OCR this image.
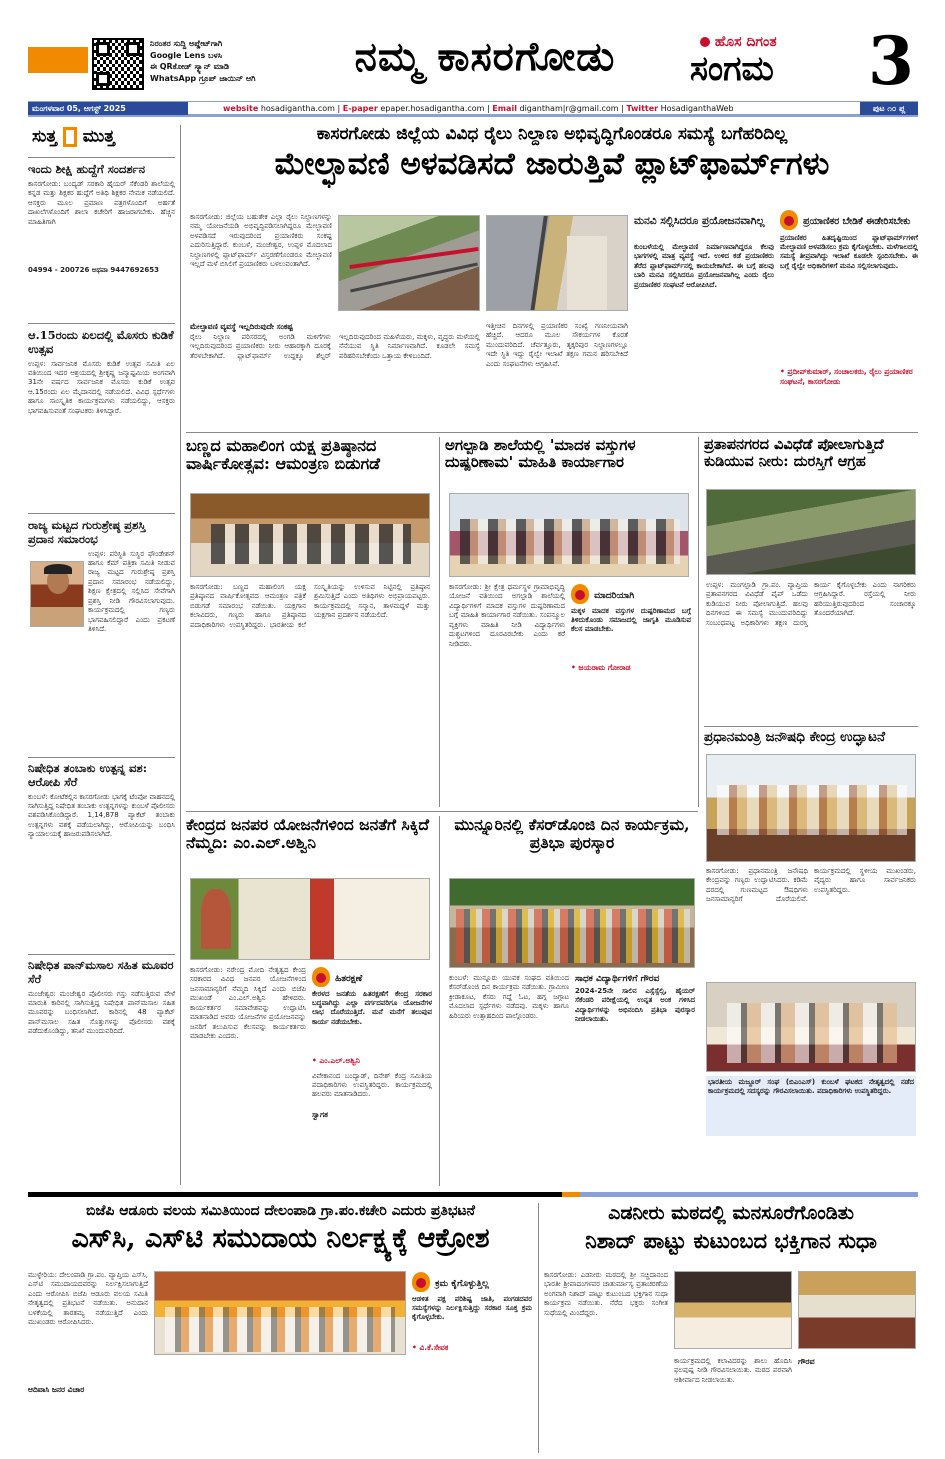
ನಿರಂತರ ಸುದ್ದಿ ಅಪ್ಡೇಟ್‌ಗಾಗಿ
Google Lens ಬಳಸಿ
ಈ QRಕೋಡ್ ಸ್ಕ್ಯಾನ್ ಮಾಡಿ
WhatsApp ಗ್ರೂಪ್ ಜಾಯಿನ್ ಆಗಿ	ನಮ್ಮ ಕಾಸರಗೋಡು	ಹೊಸ ದಿಗಂತ
ಸಂಗಮ 3
ಮಂಗಳವಾರ 05, ಆಗಸ್ಟ್ 2025	website hosadigantha.com | E-paper epaper.hosadigantha.com | Email digantham|r@gmail.com | Twitter HosadiganthaWeb	ಪುಟ ೧೦ ಪ್ಲ
ಸುತ್ತ ಮುತ್ತ
ಇಂದು ಶೀಕ್ಷಿ ಹುದ್ದೆಗೆ ಸಂದರ್ಶನ
ಕಾಸರಗೋಡು: ಬಂದ್ಯಡ್ ಸರಕಾರಿ ಹೈಯರ್ ಸೆಕೆಂಡರಿ ಶಾಲೆಯಲ್ಲಿ ಕನ್ನಡ ಮತ್ತು ಶಿಕ್ಷಕರ ಹುದ್ದೆಗೆ ಅತಿಥಿ ಶಿಕ್ಷಕರ ನೇಮಕ ನಡೆಯಲಿದೆ. ಆಸಕ್ತರು ಮೂಲ ಪ್ರಮಾಣ ಪತ್ರಗಳೊಂದಿಗೆ ಅರ್ಹತೆ ದಾಖಲೆಗಳೊಂದಿಗೆ ಶಾಲಾ ಕಚೇರಿಗೆ ಹಾಜರಾಗಬೇಕು. ಹೆಚ್ಚಿನ ಮಾಹಿತಿಗಾಗಿ
04994 - 200726 ಅಥವಾ 9447692653
ಆ.15ರಂದು ಏಲದಲ್ಲಿ ಮೊಸರು ಕುಡಿಕೆ ಉತ್ಸವ
ಉಪ್ಪಳ: ಸಾರ್ವಜನಿಕ ಮೊಸರು ಕುಡಿಕೆ ಉತ್ಸವ ಸಮಿತಿ ಏಲ ವತಿಯಿಂದ ಇದರ ಆಶ್ರಯದಲ್ಲಿ ಶ್ರೀಕೃಷ್ಣ ಜನ್ಮಾಷ್ಟಮಿಯ ಅಂಗವಾಗಿ 31ನೇ ವರ್ಷದ ಸಾರ್ವಜನಿಕ ಮೊಸರು ಕುಡಿಕೆ ಉತ್ಸವ ಆ.15ರಂದು ಏಲ ಮೈದಾನದಲ್ಲಿ ನಡೆಯಲಿದೆ. ವಿವಿಧ ಸ್ಪರ್ಧೆಗಳು ಹಾಗೂ ಸಾಂಸ್ಕೃತಿಕ ಕಾರ್ಯಕ್ರಮಗಳು ನಡೆಯಲಿದ್ದು, ಆಸಕ್ತರು ಭಾಗವಹಿಸುವಂತೆ ಸಂಘಟಕರು ತಿಳಿಸಿದ್ದಾರೆ.
ರಾಜ್ಯ ಮಟ್ಟದ ಗುರುಶ್ರೇಷ್ಠ ಪ್ರಶಸ್ತಿ ಪ್ರದಾನ ಸಮಾರಂಭ
ಉಪ್ಪಳ: ಪರಿಸ್ಥಿತಿ ಸುಸ್ಥಿರ ಫೌಂಡೇಶನ್ ಹಾಗೂ ಕೆಮ್ ಪತ್ರಿಕಾ ಸಮಿತಿ ನೀಡುವ ರಾಜ್ಯ ಮಟ್ಟದ ಗುರುಶ್ರೇಷ್ಠ ಪ್ರಶಸ್ತಿ ಪ್ರದಾನ ಸಮಾರಂಭ ನಡೆಯಲಿದ್ದು, ಶಿಕ್ಷಣ ಕ್ಷೇತ್ರದಲ್ಲಿ ಸಲ್ಲಿಸಿದ ಸೇವೆಗಾಗಿ ಪ್ರಶಸ್ತಿ ನೀಡಿ ಗೌರವಿಸಲಾಗುವುದು. ಕಾರ್ಯಕ್ರಮದಲ್ಲಿ ಗಣ್ಯರು ಭಾಗವಹಿಸಲಿದ್ದಾರೆ ಎಂದು ಪ್ರಕಟಣೆ ತಿಳಿಸಿದೆ.
ನಿಷೇಧಿತ ತಂಬಾಕು ಉತ್ಪನ್ನ ವಶ: ಆರೋಪಿ ಸೆರೆ
ಕುಂಬಳೆ: ಕೋಟೆಕಲ್ಲಿನ ಕಾಸರಗೋಡು ಭಾಗಕ್ಕೆ ಟೆಂಪೋ ವಾಹನದಲ್ಲಿ ಸಾಗಿಸುತ್ತಿದ್ದ ನಿಷೇಧಿತ ತಂಬಾಕು ಉತ್ಪನ್ನಗಳನ್ನು ಕುಂಬಳೆ ಪೊಲೀಸರು ವಶಪಡಿಸಿಕೊಂಡಿದ್ದಾರೆ. 1,14,878 ಪ್ಯಾಕೆಟ್ ತಂಬಾಕು ಉತ್ಪನ್ನಗಳು ವಶಕ್ಕೆ ಪಡೆಯಲಾಗಿದ್ದು, ಆರೋಪಿಯನ್ನು ಬಂಧಿಸಿ ನ್ಯಾಯಾಲಯಕ್ಕೆ ಹಾಜರುಪಡಿಸಲಾಗಿದೆ.
ನಿಷೇಧಿತ ಪಾನ್‌ಮಸಾಲ ಸಹಿತ ಮೂವರ ಸೆರೆ
ಮಂಜೇಶ್ವರ: ಮಂಜೇಶ್ವರ ಪೊಲೀಸರು ಗಸ್ತು ನಡೆಸುತ್ತಿರುವ ವೇಳೆ ಮಾರುತಿ ಕಾರಿನಲ್ಲಿ ಸಾಗಿಸುತ್ತಿದ್ದ ನಿಷೇಧಿತ ಪಾನ್‌ಮಸಾಲ ಸಹಿತ ಮೂವರನ್ನು ಬಂಧಿಸಲಾಗಿದೆ. ಕಾರಿನಲ್ಲಿ 48 ಪ್ಯಾಕೆಟ್ ಪಾನ್‌ಮಸಾಲ ಸಹಿತ ಸೊತ್ತುಗಳನ್ನು ಪೊಲೀಸರು ವಶಕ್ಕೆ ಪಡೆದುಕೊಂಡಿದ್ದು, ತನಿಖೆ ಮುಂದುವರಿದಿದೆ.
ಕಾಸರಗೋಡು ಜಿಲ್ಲೆಯ ವಿವಿಧ ರೈಲು ನಿಲ್ದಾಣ ಅಭಿವೃದ್ಧಿಗೊಂಡರೂ ಸಮಸ್ಯೆ ಬಗೆಹರಿದಿಲ್ಲ
ಮೇಲ್ಛಾವಣಿ ಅಳವಡಿಸದೆ ಜಾರುತ್ತಿವೆ ಪ್ಲಾಟ್‌ಫಾರ್ಮ್‌ಗಳು
ಕಾಸರಗೋಡು: ಜಿಲ್ಲೆಯ ಬಹುತೇಕ ಎಲ್ಲಾ ರೈಲು ನಿಲ್ದಾಣಗಳನ್ನು ನಮ್ಮ ಯೋಜನೆಯಡಿ ಅಭಿವೃದ್ಧಿಪಡಿಸಲಾಗಿದ್ದರೂ ಮೇಲ್ಛಾವಣಿ ಅಳವಡಿಸದೆ ಇರುವುದರಿಂದ ಪ್ರಯಾಣಿಕರು ಸಂಕಷ್ಟ ಎದುರಿಸುತ್ತಿದ್ದಾರೆ. ಕುಂಬಳೆ, ಮಂಜೇಶ್ವರ, ಉಪ್ಪಳ ಮೊದಲಾದ ನಿಲ್ದಾಣಗಳಲ್ಲಿ ಪ್ಲಾಟ್‌ಫಾರ್ಮ್ ವಿಸ್ತರಣೆಗೊಂಡರೂ ಮೇಲ್ಛಾವಣಿ ಇಲ್ಲದೆ ಮಳೆ ಬಿಸಿಲಿಗೆ ಪ್ರಯಾಣಿಕರು ಬಳಲುವಂತಾಗಿದೆ.
ಮೇಲ್ಛಾವಣಿ ವ್ಯವಸ್ಥೆ ಇಲ್ಲದಿರುವುದೇ ಸಂಕಷ್ಟ
ರೈಲು ನಿಲ್ದಾಣ ಪರಿಸರದಲ್ಲಿ ಅಂಗಡಿ ಮಳಿಗೆಗಳು ಇಲ್ಲದಿರುವುದರಿಂದ ಪ್ರಯಾಣಿಕರು ನೀರು ಆಹಾರಕ್ಕಾಗಿ ದೂರಕ್ಕೆ ತೆರಳಬೇಕಾಗಿದೆ. ಪ್ಲಾಟ್‌ಫಾರ್ಮ್ ಉದ್ದಕ್ಕೂ ಶೆಲ್ಟರ್ ಇಲ್ಲದಿರುವುದರಿಂದ ಮಹಿಳೆಯರು, ಮಕ್ಕಳು, ವೃದ್ಧರು ಮಳೆಯಲ್ಲಿ ನೆನೆಯುವ ಸ್ಥಿತಿ ನಿರ್ಮಾಣವಾಗಿದೆ. ಕೂಡಲೇ ಸಮಸ್ಯೆ ಪರಿಹರಿಸಬೇಕೆಂದು ಒತ್ತಾಯ ಕೇಳಿಬಂದಿದೆ.
ಇತ್ತೀಚಿನ ದಿನಗಳಲ್ಲಿ ಪ್ರಯಾಣಿಕರ ಸಂಖ್ಯೆ ಗಣನೀಯವಾಗಿ ಹೆಚ್ಚಿದೆ. ಆದರೂ ಮೂಲ ಸೌಕರ್ಯಗಳ ಕೊರತೆ ಮುಂದುವರಿದಿದೆ. ಚೆರ್ವತ್ತೂರು, ತೃಕ್ಕರಿಪುರ ನಿಲ್ದಾಣಗಳಲ್ಲೂ ಇದೇ ಸ್ಥಿತಿ ಇದ್ದು ರೈಲ್ವೇ ಇಲಾಖೆ ತಕ್ಷಣ ಗಮನ ಹರಿಸಬೇಕಿದೆ ಎಂದು ಸಂಘಟನೆಗಳು ಆಗ್ರಹಿಸಿವೆ.
ಮನವಿ ಸಲ್ಲಿಸಿದರೂ ಪ್ರಯೋಜನವಾಗಿಲ್ಲ
ಕುಂಬಳೆಯಲ್ಲಿ ಮೇಲ್ಛಾವಣಿ ನಿರ್ಮಾಣವಾಗಿದ್ದರೂ ಕೆಲವು ಭಾಗಗಳಲ್ಲಿ ಮಾತ್ರ ವ್ಯವಸ್ಥೆ ಇದೆ. ಉಳಿದ ಕಡೆ ಪ್ರಯಾಣಿಕರು ತೆರೆದ ಪ್ಲಾಟ್‌ಫಾರ್ಮ್‌ನಲ್ಲಿ ಕಾಯಬೇಕಾಗಿದೆ. ಈ ಬಗ್ಗೆ ಹಲವು ಬಾರಿ ಮನವಿ ಸಲ್ಲಿಸಿದರೂ ಪ್ರಯೋಜನವಾಗಿಲ್ಲ ಎಂದು ರೈಲು ಪ್ರಯಾಣಿಕರ ಸಂಘಟನೆ ಆರೋಪಿಸಿದೆ.
ಪ್ರಯಾಣಿಕರ ಬೇಡಿಕೆ ಈಡೇರಿಸಬೇಕು
ಪ್ರಯಾಣಿಕರ ಹಿತದೃಷ್ಟಿಯಿಂದ ಪ್ಲಾಟ್‌ಫಾರ್ಮ್‌ಗಳಿಗೆ ಮೇಲ್ಛಾವಣಿ ಅಳವಡಿಸಲು ಕ್ರಮ ಕೈಗೊಳ್ಳಬೇಕು. ಮಳೆಗಾಲದಲ್ಲಿ ಸಮಸ್ಯೆ ತೀವ್ರವಾಗಿದ್ದು ಇಲಾಖೆ ಕೂಡಲೇ ಸ್ಪಂದಿಸಬೇಕು. ಈ ಬಗ್ಗೆ ರೈಲ್ವೇ ಅಧಿಕಾರಿಗಳಿಗೆ ಮನವಿ ಸಲ್ಲಿಸಲಾಗುವುದು.
• ಪ್ರದೀಪ್‌ಕುಮಾರ್, ಸಂಚಾಲಕರು, ರೈಲು ಪ್ರಯಾಣಿಕರ ಸಂಘಟನೆ, ಕಾಸರಗೋಡು
ಬಣ್ಣದ ಮಹಾಲಿಂಗ ಯಕ್ಷ ಪ್ರತಿಷ್ಠಾನದ ವಾರ್ಷಿಕೋತ್ಸವ: ಆಮಂತ್ರಣ ಬಿಡುಗಡೆ
ಕಾಸರಗೋಡು: ಬಣ್ಣದ ಮಹಾಲಿಂಗ ಯಕ್ಷ ಪ್ರತಿಷ್ಠಾನದ ವಾರ್ಷಿಕೋತ್ಸವದ ಆಮಂತ್ರಣ ಪತ್ರಿಕೆ ಬಿಡುಗಡೆ ಸಮಾರಂಭ ನಡೆಯಿತು. ಯಕ್ಷಗಾನ ಕಲಾವಿದರು, ಗಣ್ಯರು ಹಾಗೂ ಪ್ರತಿಷ್ಠಾನದ ಪದಾಧಿಕಾರಿಗಳು ಉಪಸ್ಥಿತರಿದ್ದರು. ಭಾರತೀಯ ಕಲೆ ಸಂಸ್ಕೃತಿಯನ್ನು ಉಳಿಸುವ ನಿಟ್ಟಿನಲ್ಲಿ ಪ್ರತಿಷ್ಠಾನ ಶ್ರಮಿಸುತ್ತಿದೆ ಎಂದು ಅತಿಥಿಗಳು ಅಭಿಪ್ರಾಯಪಟ್ಟರು. ಕಾರ್ಯಕ್ರಮದಲ್ಲಿ ಸನ್ಮಾನ, ತಾಳಮದ್ದಳೆ ಮತ್ತು ಯಕ್ಷಗಾನ ಪ್ರದರ್ಶನ ನಡೆಯಲಿದೆ.
ಅಗಲ್ಪಾಡಿ ಶಾಲೆಯಲ್ಲಿ 'ಮಾದಕ ವಸ್ತುಗಳ ದುಷ್ಪರಿಣಾಮ' ಮಾಹಿತಿ ಕಾರ್ಯಾಗಾರ
ಕಾಸರಗೋಡು: ಶ್ರೀ ಕ್ಷೇತ್ರ ಧರ್ಮಸ್ಥಳ ಗ್ರಾಮಾಭಿವೃದ್ಧಿ ಯೋಜನೆ ವತಿಯಿಂದ ಅಗಲ್ಪಾಡಿ ಶಾಲೆಯಲ್ಲಿ ವಿದ್ಯಾರ್ಥಿಗಳಿಗೆ ಮಾದಕ ವಸ್ತುಗಳ ದುಷ್ಪರಿಣಾಮದ ಬಗ್ಗೆ ಮಾಹಿತಿ ಕಾರ್ಯಾಗಾರ ನಡೆಯಿತು. ಸಂಪನ್ಮೂಲ ವ್ಯಕ್ತಿಗಳು ಮಾಹಿತಿ ನೀಡಿ ವಿದ್ಯಾರ್ಥಿಗಳು ದುಶ್ಚಟಗಳಿಂದ ದೂರವಿರಬೇಕು ಎಂದು ಕರೆ ನೀಡಿದರು.
ಮಾದರಿಯಾಗಿ
ಮಕ್ಕಳ ಮಾದಕ ವಸ್ತುಗಳ ದುಷ್ಪರಿಣಾಮದ ಬಗ್ಗೆ ತಿಳಿದುಕೊಂಡು ಸಮಾಜದಲ್ಲಿ ಜಾಗೃತಿ ಮೂಡಿಸುವ ಕೆಲಸ ಮಾಡಬೇಕು.
• ಜಯರಾಮ ಗೋರಾಡ
ಪ್ರತಾಪನಗರದ ವಿವಿಧೆಡೆ ಪೋಲಾಗುತ್ತಿದೆ ಕುಡಿಯುವ ನೀರು: ದುರಸ್ತಿಗೆ ಆಗ್ರಹ
ಉಪ್ಪಳ: ಮಂಗಲ್ಪಾಡಿ ಗ್ರಾ.ಪಂ. ವ್ಯಾಪ್ತಿಯ ಪ್ರತಾಪನಗರದ ವಿವಿಧೆಡೆ ಪೈಪ್ ಒಡೆದು ಕುಡಿಯುವ ನೀರು ಪೋಲಾಗುತ್ತಿದೆ. ಹಲವು ದಿನಗಳಿಂದ ಈ ಸಮಸ್ಯೆ ಮುಂದುವರಿದಿದ್ದು ಸಂಬಂಧಪಟ್ಟ ಅಧಿಕಾರಿಗಳು ತಕ್ಷಣ ದುರಸ್ತಿ ಕಾರ್ಯ ಕೈಗೊಳ್ಳಬೇಕು ಎಂದು ನಾಗರಿಕರು ಆಗ್ರಹಿಸಿದ್ದಾರೆ. ರಸ್ತೆಯಲ್ಲಿ ನೀರು ಹರಿಯುತ್ತಿರುವುದರಿಂದ ಸಂಚಾರಕ್ಕೂ ತೊಂದರೆಯಾಗಿದೆ.
ಪ್ರಧಾನಮಂತ್ರಿ ಜನೌಷಧಿ ಕೇಂದ್ರ ಉದ್ಘಾಟನೆ
ಕಾಸರಗೋಡು: ಪ್ರಧಾನಮಂತ್ರಿ ಜನೌಷಧಿ ಕೇಂದ್ರವನ್ನು ಗಣ್ಯರು ಉದ್ಘಾಟಿಸಿದರು. ಕಡಿಮೆ ದರದಲ್ಲಿ ಗುಣಮಟ್ಟದ ಔಷಧಿಗಳು ಜನಸಾಮಾನ್ಯರಿಗೆ ದೊರೆಯಲಿವೆ. ಕಾರ್ಯಕ್ರಮದಲ್ಲಿ ಸ್ಥಳೀಯ ಮುಖಂಡರು, ವೈದ್ಯರು ಹಾಗೂ ಸಾರ್ವಜನಿಕರು ಉಪಸ್ಥಿತರಿದ್ದರು.
ಭಾರತೀಯ ಮಜ್ದೂರ್ ಸಂಘ (ಬಿಎಂಎಸ್) ಕುಂಬಳೆ ಘಟಕದ ನೇತೃತ್ವದಲ್ಲಿ ನಡೆದ ಕಾರ್ಯಕ್ರಮದಲ್ಲಿ ಸದಸ್ಯರನ್ನು ಗೌರವಿಸಲಾಯಿತು. ಪದಾಧಿಕಾರಿಗಳು ಉಪಸ್ಥಿತರಿದ್ದರು.
ಕೇಂದ್ರದ ಜನಪರ ಯೋಜನೆಗಳಿಂದ ಜನತೆಗೆ ಸಿಕ್ಕಿದೆ ನೆಮ್ಮದಿ: ಎಂ.ಎಲ್.ಅಶ್ವಿನಿ
ಕಾಸರಗೋಡು: ನರೇಂದ್ರ ಮೋದಿ ನೇತೃತ್ವದ ಕೇಂದ್ರ ಸರಕಾರದ ವಿವಿಧ ಜನಪರ ಯೋಜನೆಗಳಿಂದ ಜನಸಾಮಾನ್ಯರಿಗೆ ನೆಮ್ಮದಿ ಸಿಕ್ಕಿದೆ ಎಂದು ಬಿಜೆಪಿ ಮುಖಂಡೆ ಎಂ.ಎಲ್.ಅಶ್ವಿನಿ ಹೇಳಿದರು. ಕಾರ್ಯಕರ್ತರ ಸಮಾವೇಶವನ್ನು ಉದ್ಘಾಟಿಸಿ ಮಾತನಾಡಿದ ಅವರು ಯೋಜನೆಗಳ ಪ್ರಯೋಜನವನ್ನು ಜನರಿಗೆ ತಲುಪಿಸುವ ಕೆಲಸವನ್ನು ಕಾರ್ಯಕರ್ತರು ಮಾಡಬೇಕು ಎಂದರು.
ಹಿತರಕ್ಷಣೆ
ಕೇರಳದ ಜನತೆಯ ಹಿತರಕ್ಷಣೆಗೆ ಕೇಂದ್ರ ಸರಕಾರ ಬದ್ಧವಾಗಿದ್ದು ಎಲ್ಲಾ ವರ್ಗದವರಿಗೂ ಯೋಜನೆಗಳ ಲಾಭ ದೊರೆಯುತ್ತಿದೆ. ಮನೆ ಮನೆಗೆ ತಲುಪುವ ಕಾರ್ಯ ನಡೆಯಬೇಕು.
• ಎಂ.ಎಲ್.ಅಶ್ವಿನಿ
ವಿವೇಕಾನಂದ ಬಂದ್ಯಾಡ್, ದಿನೇಶ್ ಕೆಂದ್ರ ಸಮಿತಿಯ ಪದಾಧಿಕಾರಿಗಳು ಉಪಸ್ಥಿತರಿದ್ದರು. ಕಾರ್ಯಕ್ರಮದಲ್ಲಿ ಹಲವರು ಮಾತನಾಡಿದರು.
ಸ್ವಾಗತ
ಮುನ್ನೂರಿನಲ್ಲಿ ಕೆಸರ್‌ಡೊಂಜಿ ದಿನ ಕಾರ್ಯಕ್ರಮ, ಪ್ರತಿಭಾ ಪುರಸ್ಕಾರ
ಕುಂಬಳೆ: ಮುನ್ನೂರು ಯುವಕ ಸಂಘದ ವತಿಯಿಂದ ಕೆಸರ್‌ಡೊಂಜಿ ದಿನ ಕಾರ್ಯಕ್ರಮ ನಡೆಯಿತು. ಗ್ರಾಮೀಣ ಕ್ರೀಡಾಕೂಟ, ಕೆಸರು ಗದ್ದೆ ಓಟ, ಹಗ್ಗ ಜಗ್ಗಾಟ ಮೊದಲಾದ ಸ್ಪರ್ಧೆಗಳು ನಡೆದವು. ಮಕ್ಕಳು ಹಾಗೂ ಹಿರಿಯರು ಉತ್ಸಾಹದಿಂದ ಪಾಲ್ಗೊಂಡರು.
ಸಾಧಕ ವಿದ್ಯಾರ್ಥಿಗಳಿಗೆ ಗೌರವ
2024-25ನೇ ಸಾಲಿನ ಎಸ್ಸೆಸ್ಸೆಲ್ಸಿ, ಹೈಯರ್ ಸೆಕೆಂಡರಿ ಪರೀಕ್ಷೆಯಲ್ಲಿ ಉನ್ನತ ಅಂಕ ಗಳಿಸಿದ ವಿದ್ಯಾರ್ಥಿಗಳನ್ನು ಅಭಿನಂದಿಸಿ ಪ್ರತಿಭಾ ಪುರಸ್ಕಾರ ನೀಡಲಾಯಿತು.
ಬಿಜೆಪಿ ಆಡೂರು ವಲಯ ಸಮಿತಿಯಿಂದ ದೇಲಂಪಾಡಿ ಗ್ರಾ.ಪಂ.ಕಚೇರಿ ಎದುರು ಪ್ರತಿಭಟನೆ
ಎಸ್‌ಸಿ, ಎಸ್‌ಟಿ ಸಮುದಾಯ ನಿರ್ಲಕ್ಷ್ಯಕ್ಕೆ ಆಕ್ರೋಶ
ಮುಳ್ಳೇರಿಯ: ದೇಲಂಪಾಡಿ ಗ್ರಾ.ಪಂ. ವ್ಯಾಪ್ತಿಯ ಎಸ್‌ಸಿ, ಎಸ್‌ಟಿ ಸಮುದಾಯದವರನ್ನು ನಿರ್ಲಕ್ಷಿಸಲಾಗುತ್ತಿದೆ ಎಂದು ಆರೋಪಿಸಿ ಬಿಜೆಪಿ ಆಡೂರು ವಲಯ ಸಮಿತಿ ನೇತೃತ್ವದಲ್ಲಿ ಪ್ರತಿಭಟನೆ ನಡೆಯಿತು. ಅನುದಾನ ಬಳಕೆಯಲ್ಲಿ ತಾರತಮ್ಯ ನಡೆಯುತ್ತಿದೆ ಎಂದು ಮುಖಂಡರು ಆರೋಪಿಸಿದರು.
ಆದಿವಾಸಿ ಜನರ ವಿಚಾರ
ಕ್ರಮ ಕೈಗೊಳ್ಳುತ್ತಿಲ್ಲ
ಆಡಳಿತ ಪಕ್ಷ ಪರಿಶಿಷ್ಟ ಜಾತಿ, ಪಂಗಡದವರ ಸಮಸ್ಯೆಗಳನ್ನು ನಿರ್ಲಕ್ಷಿಸುತ್ತಿದ್ದು ಸರಕಾರ ಸೂಕ್ತ ಕ್ರಮ ಕೈಗೊಳ್ಳಬೇಕು.
• ವಿ.ಕೆ.ಸೇವಕ
ಎಡನೀರು ಮಠದಲ್ಲಿ ಮನಸೂರೆಗೊಂಡಿತು
ನಿಶಾದ್ ಪಾಟ್ಟು ಕುಟುಂಬದ ಭಕ್ತಿಗಾನ ಸುಧಾ
ಕಾಸರಗೋಡು: ಎಡನೀರು ಮಠದಲ್ಲಿ ಶ್ರೀ ಸಚ್ಚಿದಾನಂದ ಭಾರತೀ ಶ್ರೀಪಾದಂಗಳವರ ಚಾತುರ್ಮಾಸ್ಯ ವ್ರತಾಚರಣೆಯ ಅಂಗವಾಗಿ ನಿಶಾದ್ ಪಾಟ್ಟು ಕುಟುಂಬದ ಭಕ್ತಿಗಾನ ಸುಧಾ ಕಾರ್ಯಕ್ರಮ ನಡೆಯಿತು. ನೆರೆದ ಭಕ್ತರು ಸಂಗೀತ ಸುಧೆಯಲ್ಲಿ ಮಿಂದೆದ್ದರು.
ಕಾರ್ಯಕ್ರಮದಲ್ಲಿ ಕಲಾವಿದರನ್ನು ಶಾಲು ಹೊದಿಸಿ ಫಲಪುಷ್ಪ ನೀಡಿ ಗೌರವಿಸಲಾಯಿತು. ಮಠದ ಪರವಾಗಿ ಆಶೀರ್ವಾದ ನೀಡಲಾಯಿತು.
ಗೌರವ
